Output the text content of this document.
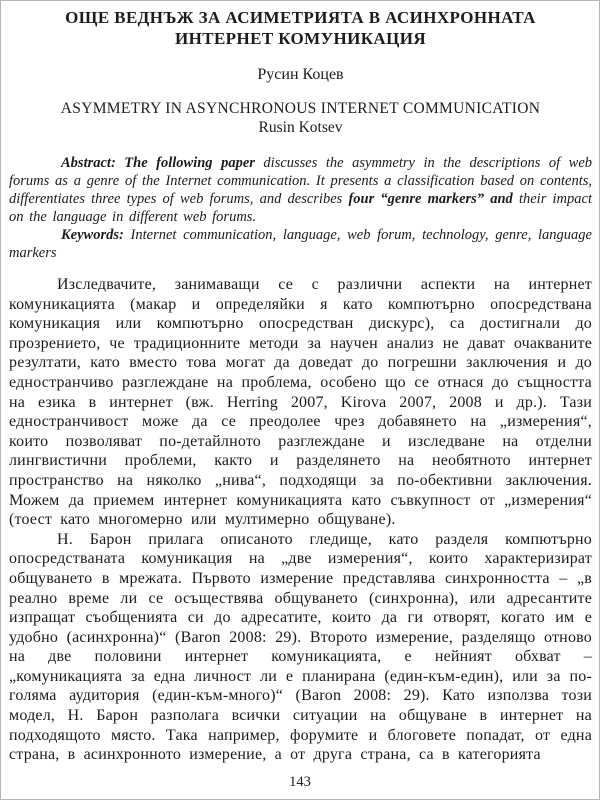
ОЩЕ ВЕДНЪЖ ЗА АСИМЕТРИЯТА В АСИНХРОННАТА ИНТЕРНЕТ КОМУНИКАЦИЯ
Русин Коцев
ASYMMETRY IN ASYNCHRONOUS INTERNET COMMUNICATION
Rusin Kotsev

Abstract: The following paper discusses the asymmetry in the descriptions of web forums as a genre of the Internet communication. It presents a classification based on contents, differentiates three types of web forums, and describes four “genre markers” and their impact on the language in different web forums.

Keywords: Internet communication, language, web forum, technology, genre, language markers

Изследвачите, занимаващи се с различни аспекти на интернет комуникацията (макар и определяйки я като компютърно опосредствана комуникация или компютърно опосредстван дискурс), са достигнали до прозрението, че традиционните методи за научен анализ не дават очакваните резултати, като вместо това могат да доведат до погрешни заключения и до едностранчиво разглеждане на проблема, особено що се отнася до същността на езика в интернет (вж. Herring 2007, Kirova 2007, 2008 и др.). Тази едностранчивост може да се преодолее чрез добавянето на „измерения“, които позволяват по-детайлното разглеждане и изследване на отделни лингвистични проблеми, както и разделянето на необятното интернет пространство на няколко „нива“, подходящи за по-обективни заключения. Можем да приемем интернет комуникацията като съвкупност от „измерения“ (тоест като многомерно или мултимерно общуване).

Н. Барон прилага описаното гледище, като разделя компютърно опосредстваната комуникация на „две измерения“, които характеризират общуването в мрежата. Първото измерение представлява синхронността – „в реално време ли се осъществява общуването (синхронна), или адресантите изпращат съобщенията си до адресатите, които да ги отворят, когато им е удобно (асинхронна)“ (Baron 2008: 29). Второто измерение, разделящо отново на две половини интернет комуникацията, е нейният обхват – „комуникацията за една личност ли е планирана (един-към-един), или за по-голяма аудитория (един-към-много)“ (Baron 2008: 29). Като използва този модел, Н. Барон разполага всички ситуации на общуване в интернет на подходящото място. Така например, форумите и блоговете попадат, от една страна, в асинхронното измерение, а от друга страна, са в категорията

143
